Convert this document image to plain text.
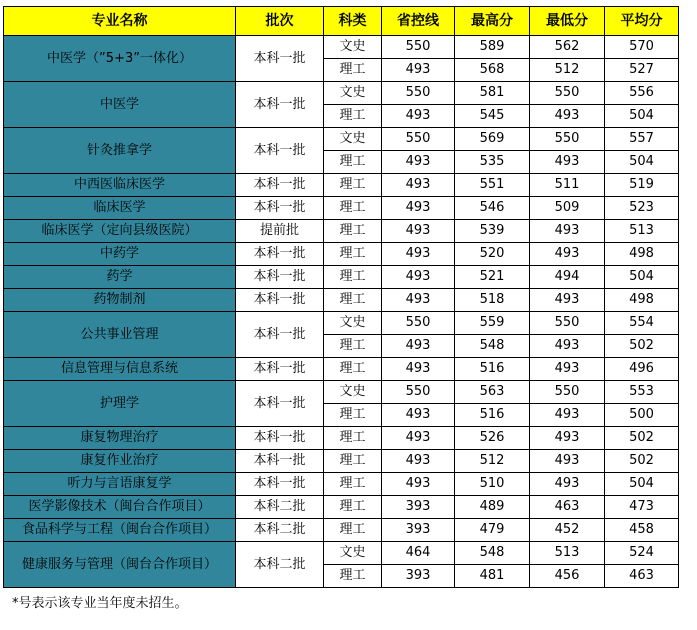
专业名称	批次	科类	省控线	最高分	最低分	平均分
中医学（”5+3”一体化）	本科一批	文史	550	589	562	570
		理工	493	568	512	527
中医学	本科一批	文史	550	581	550	556
		理工	493	545	493	504
针灸推拿学	本科一批	文史	550	569	550	557
		理工	493	535	493	504
中西医临床医学	本科一批	理工	493	551	511	519
临床医学	本科一批	理工	493	546	509	523
临床医学（定向县级医院）	提前批	理工	493	539	493	513
中药学	本科一批	理工	493	520	493	498
药学	本科一批	理工	493	521	494	504
药物制剂	本科一批	理工	493	518	493	498
公共事业管理	本科一批	文史	550	559	550	554
		理工	493	548	493	502
信息管理与信息系统	本科一批	理工	493	516	493	496
护理学	本科一批	文史	550	563	550	553
		理工	493	516	493	500
康复物理治疗	本科一批	理工	493	526	493	502
康复作业治疗	本科一批	理工	493	512	493	502
听力与言语康复学	本科一批	理工	493	510	493	504
医学影像技术（闽台合作项目）	本科二批	理工	393	489	463	473
食品科学与工程（闽台合作项目）	本科二批	理工	393	479	452	458
健康服务与管理（闽台合作项目）	本科二批	文史	464	548	513	524
		理工	393	481	456	463
*号表示该专业当年度未招生。
